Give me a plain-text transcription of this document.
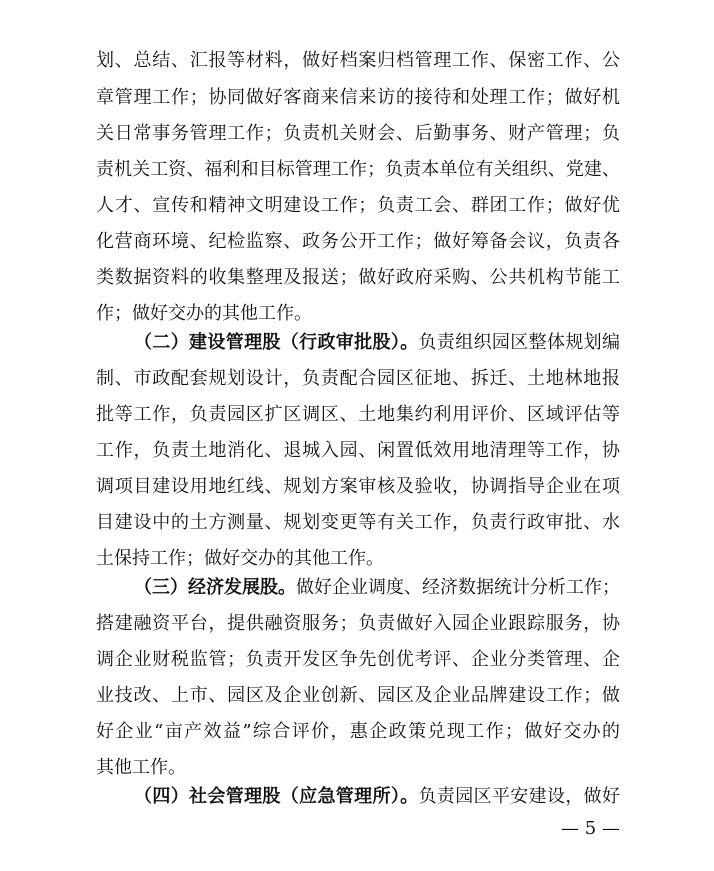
划、总结、汇报等材料，做好档案归档管理工作、保密工作、公
章管理工作；协同做好客商来信来访的接待和处理工作；做好机
关日常事务管理工作；负责机关财会、后勤事务、财产管理；负
责机关工资、福利和目标管理工作；负责本单位有关组织、党建、
人才、宣传和精神文明建设工作；负责工会、群团工作；做好优
化营商环境、纪检监察、政务公开工作；做好筹备会议，负责各
类数据资料的收集整理及报送；做好政府采购、公共机构节能工
作；做好交办的其他工作。
（二）建设管理股（行政审批股）。负责组织园区整体规划编
制、市政配套规划设计，负责配合园区征地、拆迁、土地林地报
批等工作，负责园区扩区调区、土地集约利用评价、区域评估等
工作，负责土地消化、退城入园、闲置低效用地清理等工作，协
调项目建设用地红线、规划方案审核及验收，协调指导企业在项
目建设中的土方测量、规划变更等有关工作，负责行政审批、水
土保持工作；做好交办的其他工作。
（三）经济发展股。做好企业调度、经济数据统计分析工作；
搭建融资平台，提供融资服务；负责做好入园企业跟踪服务，协
调企业财税监管；负责开发区争先创优考评、企业分类管理、企
业技改、上市、园区及企业创新、园区及企业品牌建设工作；做
好企业“亩产效益”综合评价，惠企政策兑现工作；做好交办的
其他工作。
（四）社会管理股（应急管理所）。负责园区平安建设，做好
— 5 —
